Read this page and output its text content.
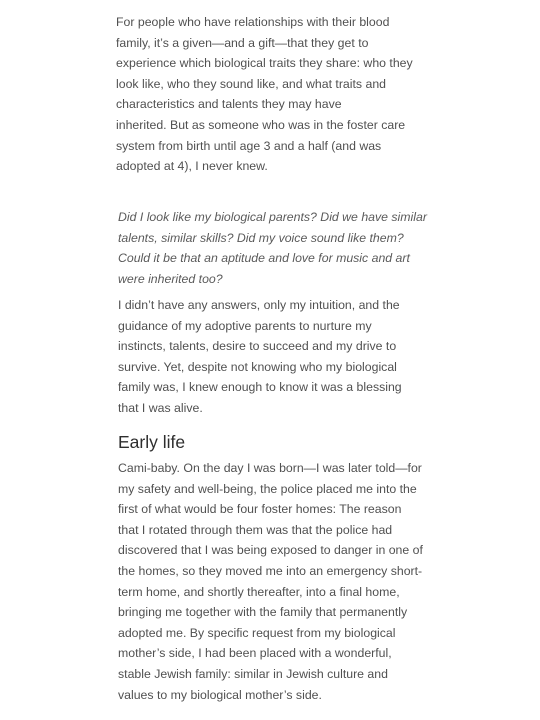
For people who have relationships with their blood
family, it’s a given—and a gift—that they get to
experience which biological traits they share: who they
look like, who they sound like, and what traits and
characteristics and talents they may have
inherited. But as someone who was in the foster care
system from birth until age 3 and a half (and was
adopted at 4), I never knew.

Did I look like my biological parents? Did we have similar
talents, similar skills? Did my voice sound like them?
Could it be that an aptitude and love for music and art
were inherited too?

I didn’t have any answers, only my intuition, and the
guidance of my adoptive parents to nurture my
instincts, talents, desire to succeed and my drive to
survive. Yet, despite not knowing who my biological
family was, I knew enough to know it was a blessing
that I was alive.

Early life

Cami-baby. On the day I was born—I was later told—for
my safety and well-being, the police placed me into the
first of what would be four foster homes: The reason
that I rotated through them was that the police had
discovered that I was being exposed to danger in one of
the homes, so they moved me into an emergency short-
term home, and shortly thereafter, into a final home,
bringing me together with the family that permanently
adopted me. By specific request from my biological
mother’s side, I had been placed with a wonderful,
stable Jewish family: similar in Jewish culture and
values to my biological mother’s side.
